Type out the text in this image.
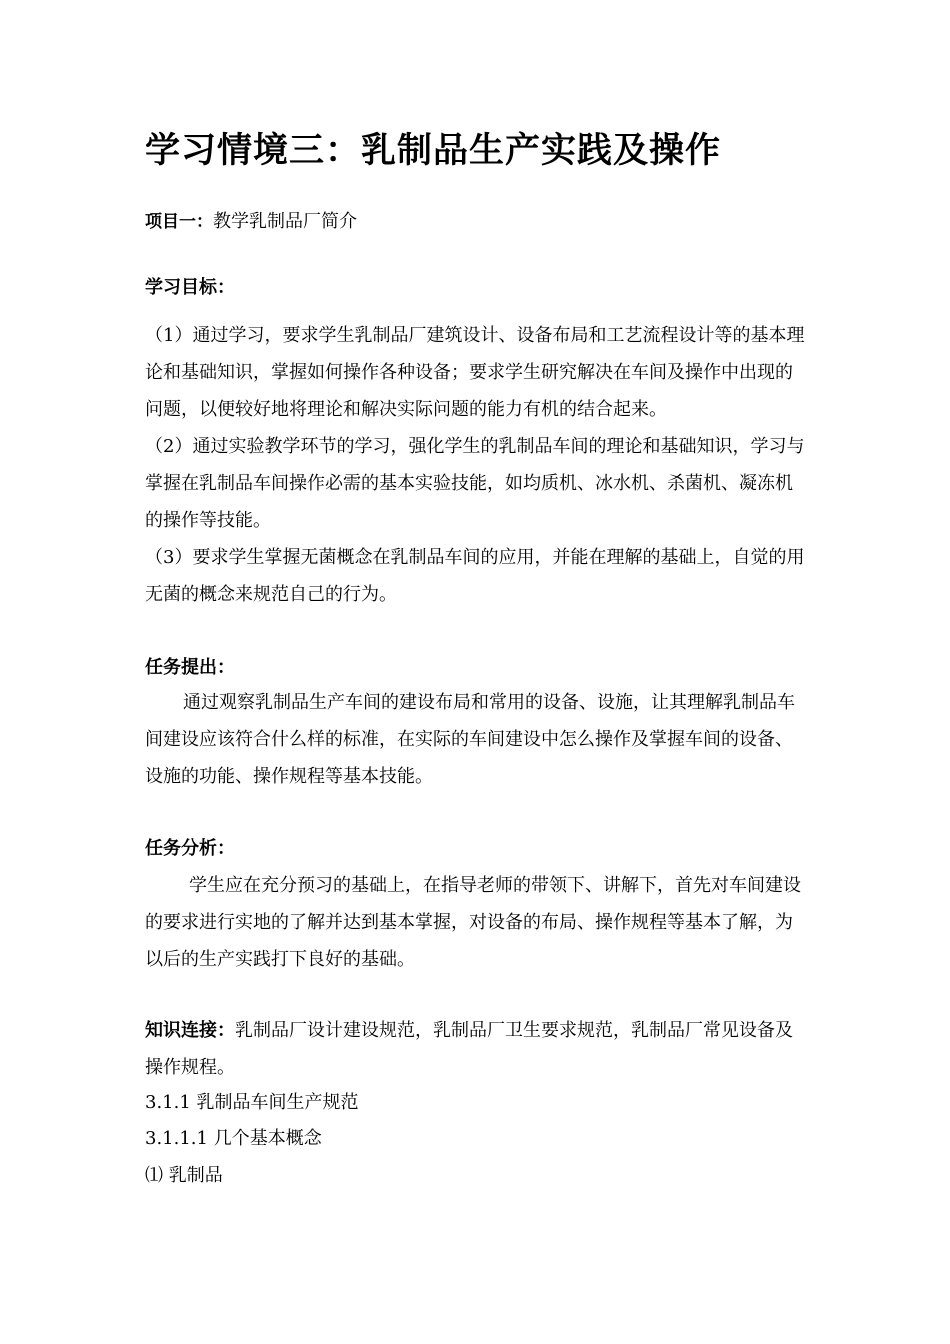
学习情境三：乳制品生产实践及操作

项目一：教学乳制品厂简介

学习目标：

（1）通过学习，要求学生乳制品厂建筑设计、设备布局和工艺流程设计等的基本理论和基础知识，掌握如何操作各种设备；要求学生研究解决在车间及操作中出现的问题，以便较好地将理论和解决实际问题的能力有机的结合起来。

（2）通过实验教学环节的学习，强化学生的乳制品车间的理论和基础知识，学习与掌握在乳制品车间操作必需的基本实验技能，如均质机、冰水机、杀菌机、凝冻机的操作等技能。

（3）要求学生掌握无菌概念在乳制品车间的应用，并能在理解的基础上，自觉的用无菌的概念来规范自己的行为。

任务提出：

通过观察乳制品生产车间的建设布局和常用的设备、设施，让其理解乳制品车间建设应该符合什么样的标准，在实际的车间建设中怎么操作及掌握车间的设备、设施的功能、操作规程等基本技能。

任务分析：

学生应在充分预习的基础上，在指导老师的带领下、讲解下，首先对车间建设的要求进行实地的了解并达到基本掌握，对设备的布局、操作规程等基本了解，为以后的生产实践打下良好的基础。

知识连接：乳制品厂设计建设规范，乳制品厂卫生要求规范，乳制品厂常见设备及操作规程。

3.1.1 乳制品车间生产规范

3.1.1.1 几个基本概念

⑴ 乳制品
